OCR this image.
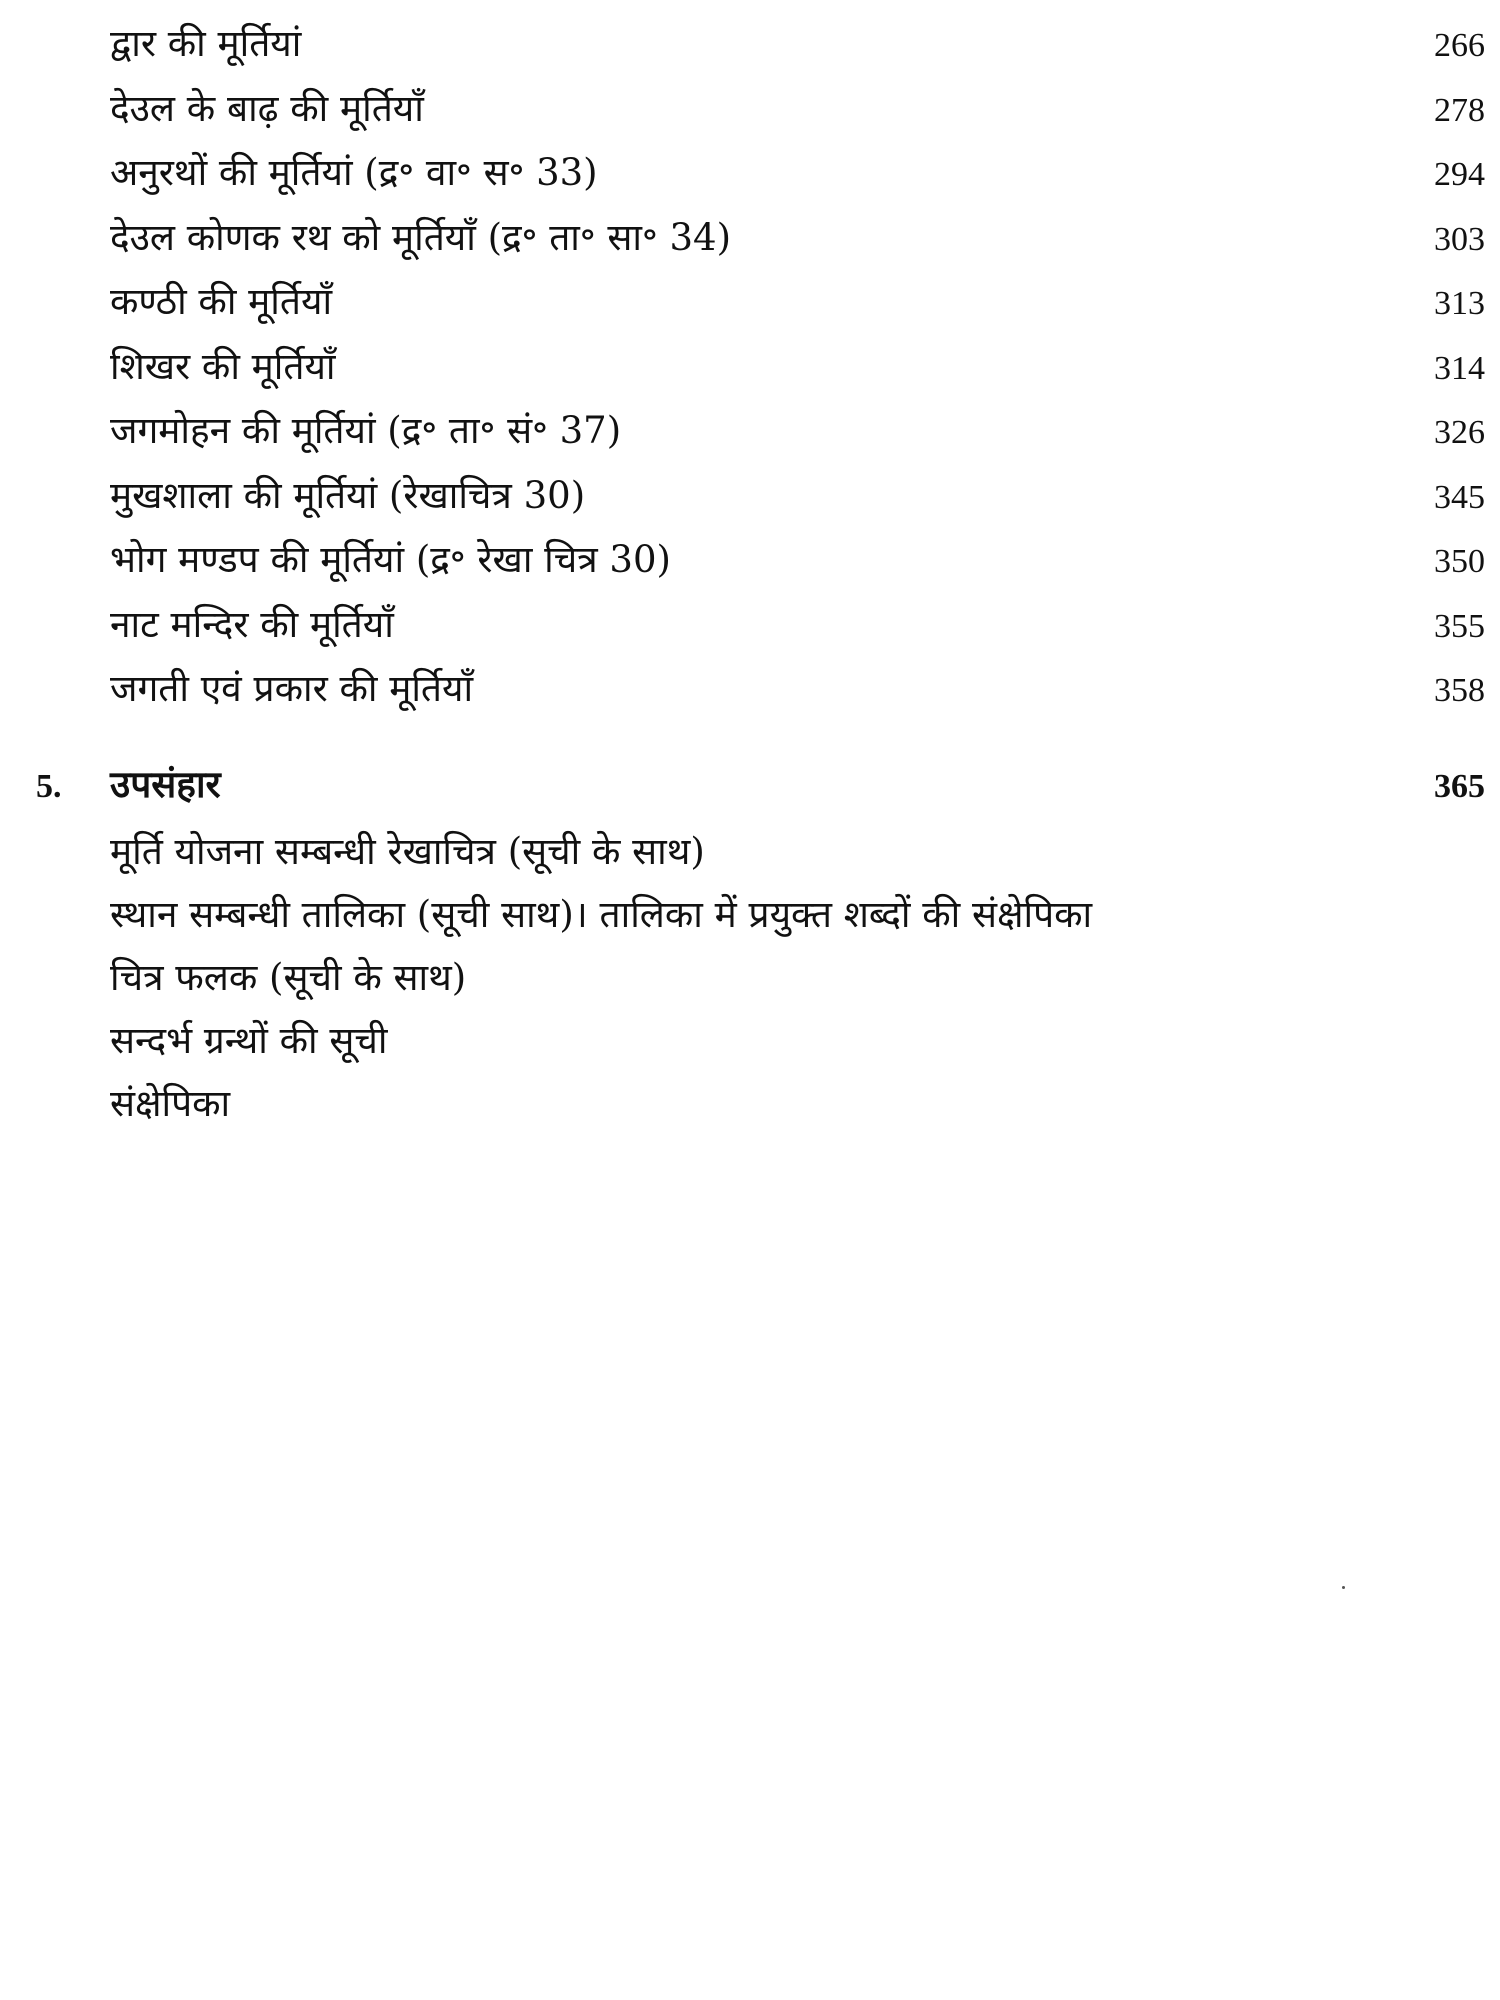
द्वार की मूर्तियां	266
देउल के बाढ़ की मूर्तियाँ	278
अनुरथों की मूर्तियां (द्र॰ वा॰ स॰ 33)	294
देउल कोणक रथ को मूर्तियाँ (द्र॰ ता॰ सा॰ 34)	303
कण्ठी की मूर्तियाँ	313
शिखर की मूर्तियाँ	314
जगमोहन की मूर्तियां (द्र॰ ता॰ सं॰ 37)	326
मुखशाला की मूर्तियां (रेखाचित्र 30)	345
भोग मण्डप की मूर्तियां (द्र॰ रेखा चित्र 30)	350
नाट मन्दिर की मूर्तियाँ	355
जगती एवं प्रकार की मूर्तियाँ	358
5.	उपसंहार	365
मूर्ति योजना सम्बन्धी रेखाचित्र (सूची के साथ)
स्थान सम्बन्धी तालिका (सूची साथ)। तालिका में प्रयुक्त शब्दों की संक्षेपिका
चित्र फलक (सूची के साथ)
सन्दर्भ ग्रन्थों की सूची
संक्षेपिका
